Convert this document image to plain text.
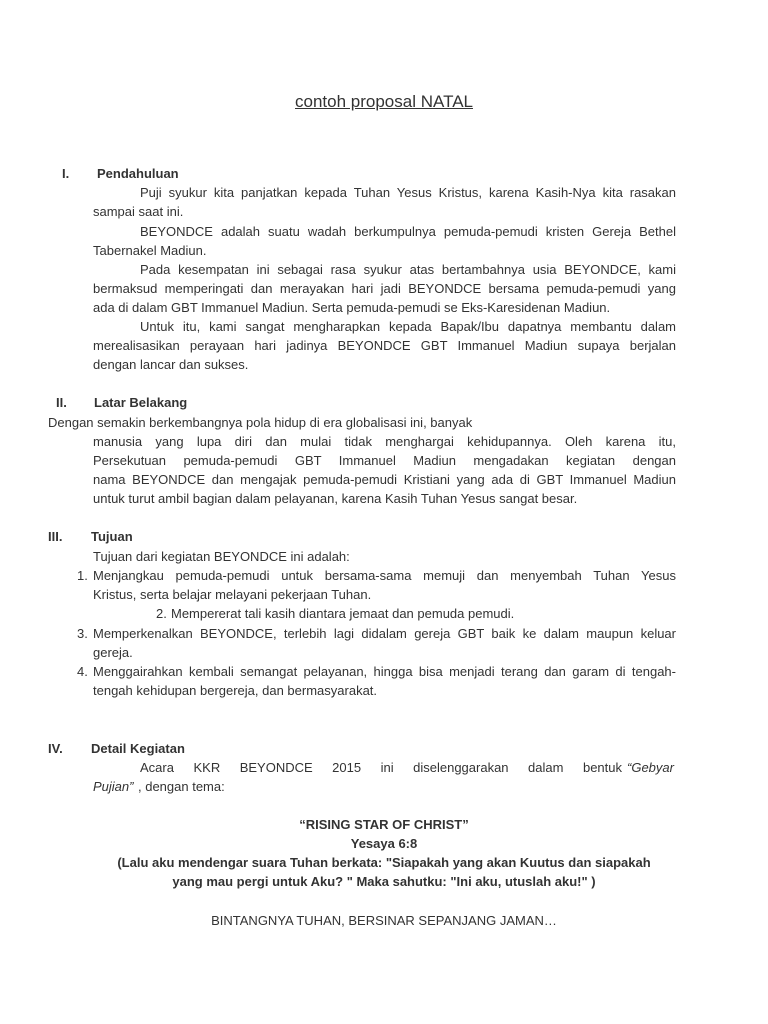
contoh proposal NATAL
I. Pendahuluan
Puji syukur kita panjatkan kepada Tuhan Yesus Kristus, karena Kasih-Nya kita rasakan
sampai saat ini.
BEYONDCE adalah suatu wadah berkumpulnya pemuda-pemudi kristen Gereja Bethel
Tabernakel Madiun.
Pada kesempatan ini sebagai rasa syukur atas bertambahnya usia BEYONDCE, kami
bermaksud memperingati dan merayakan hari jadi BEYONDCE bersama pemuda-pemudi yang
ada di dalam GBT Immanuel Madiun. Serta pemuda-pemudi se Eks-Karesidenan Madiun.
Untuk itu, kami sangat mengharapkan kepada Bapak/Ibu dapatnya membantu dalam
merealisasikan perayaan hari jadinya BEYONDCE GBT Immanuel Madiun supaya berjalan
dengan lancar dan sukses.
II. Latar Belakang
Dengan semakin berkembangnya pola hidup di era globalisasi ini, banyak
manusia yang lupa diri dan mulai tidak menghargai kehidupannya. Oleh karena itu,
Persekutuan pemuda-pemudi GBT Immanuel Madiun mengadakan kegiatan dengan
nama BEYONDCE dan mengajak pemuda-pemudi Kristiani yang ada di GBT Immanuel Madiun
untuk turut ambil bagian dalam pelayanan, karena Kasih Tuhan Yesus sangat besar.
III. Tujuan
Tujuan dari kegiatan BEYONDCE ini adalah:
1. Menjangkau pemuda-pemudi untuk bersama-sama memuji dan menyembah Tuhan Yesus
Kristus, serta belajar melayani pekerjaan Tuhan.
2. Mempererat tali kasih diantara jemaat dan pemuda pemudi.
3. Memperkenalkan BEYONDCE, terlebih lagi didalam gereja GBT baik ke dalam maupun keluar
gereja.
4. Menggairahkan kembali semangat pelayanan, hingga bisa menjadi terang dan garam di tengah-
tengah kehidupan bergereja, dan bermasyarakat.
IV. Detail Kegiatan
Acara KKR BEYONDCE 2015 ini diselenggarakan dalam bentuk “Gebyar
Pujian” , dengan tema:
“RISING STAR OF CHRIST”
Yesaya 6:8
(Lalu aku mendengar suara Tuhan berkata: "Siapakah yang akan Kuutus dan siapakah
yang mau pergi untuk Aku? " Maka sahutku: "Ini aku, utuslah aku!" )
BINTANGNYA TUHAN, BERSINAR SEPANJANG JAMAN…
